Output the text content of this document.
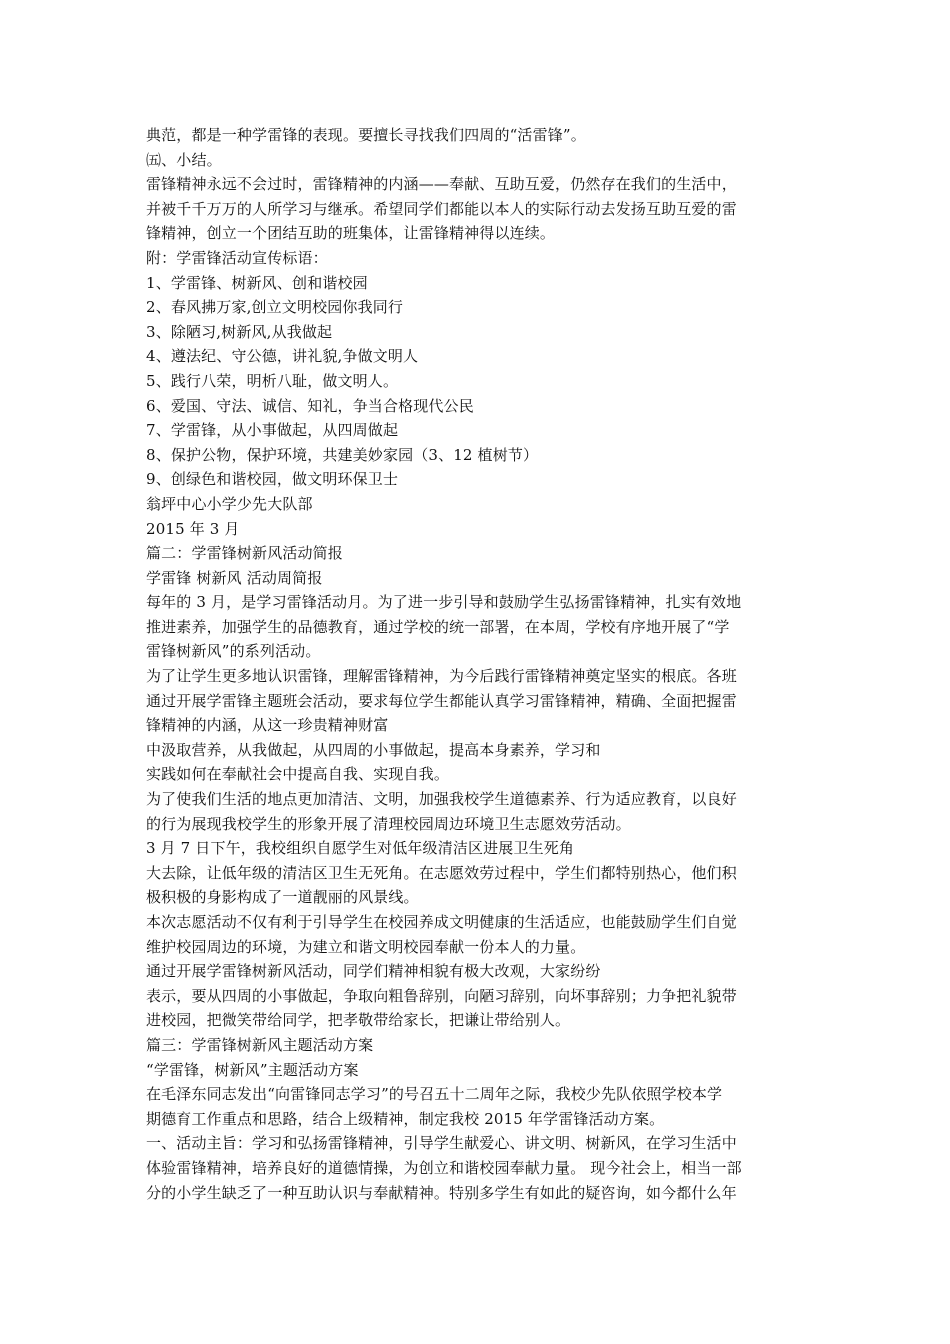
典范，都是一种学雷锋的表现。要擅长寻找我们四周的“活雷锋”。
㈤、小结。
雷锋精神永远不会过时，雷锋精神的内涵——奉献、互助互爱，仍然存在我们的生活中，
并被千千万万的人所学习与继承。希望同学们都能以本人的实际行动去发扬互助互爱的雷
锋精神，创立一个团结互助的班集体，让雷锋精神得以连续。
附：学雷锋活动宣传标语：
1、学雷锋、树新风、创和谐校园
2、春风拂万家,创立文明校园你我同行
3、除陋习,树新风,从我做起
4、遵法纪、守公德，讲礼貌,争做文明人
5、践行八荣，明析八耻，做文明人。
6、爱国、守法、诚信、知礼，争当合格现代公民
7、学雷锋，从小事做起，从四周做起
8、保护公物，保护环境，共建美妙家园（3、12 植树节）
9、创绿色和谐校园，做文明环保卫士
翁坪中心小学少先大队部
2015 年 3 月
篇二：学雷锋树新风活动简报
学雷锋 树新风 活动周简报
每年的 3 月，是学习雷锋活动月。为了进一步引导和鼓励学生弘扬雷锋精神，扎实有效地
推进素养，加强学生的品德教育，通过学校的统一部署，在本周，学校有序地开展了“学
雷锋树新风”的系列活动。
为了让学生更多地认识雷锋，理解雷锋精神，为今后践行雷锋精神奠定坚实的根底。各班
通过开展学雷锋主题班会活动，要求每位学生都能认真学习雷锋精神，精确、全面把握雷
锋精神的内涵，从这一珍贵精神财富
中汲取营养，从我做起，从四周的小事做起，提高本身素养，学习和
实践如何在奉献社会中提高自我、实现自我。
为了使我们生活的地点更加清洁、文明，加强我校学生道德素养、行为适应教育，以良好
的行为展现我校学生的形象开展了清理校园周边环境卫生志愿效劳活动。
3 月 7 日下午，我校组织自愿学生对低年级清洁区进展卫生死角
大去除，让低年级的清洁区卫生无死角。在志愿效劳过程中，学生们都特别热心，他们积
极积极的身影构成了一道靓丽的风景线。
本次志愿活动不仅有利于引导学生在校园养成文明健康的生活适应，也能鼓励学生们自觉
维护校园周边的环境，为建立和谐文明校园奉献一份本人的力量。
通过开展学雷锋树新风活动，同学们精神相貌有极大改观，大家纷纷
表示，要从四周的小事做起，争取向粗鲁辞别，向陋习辞别，向坏事辞别；力争把礼貌带
进校园，把微笑带给同学，把孝敬带给家长，把谦让带给别人。
篇三：学雷锋树新风主题活动方案
“学雷锋，树新风”主题活动方案
在毛泽东同志发出“向雷锋同志学习”的号召五十二周年之际，我校少先队依照学校本学
期德育工作重点和思路，结合上级精神，制定我校 2015 年学雷锋活动方案。
一、活动主旨：学习和弘扬雷锋精神，引导学生献爱心、讲文明、树新风，在学习生活中
体验雷锋精神，培养良好的道德情操，为创立和谐校园奉献力量。 现今社会上，相当一部
分的小学生缺乏了一种互助认识与奉献精神。特别多学生有如此的疑咨询，如今都什么年
